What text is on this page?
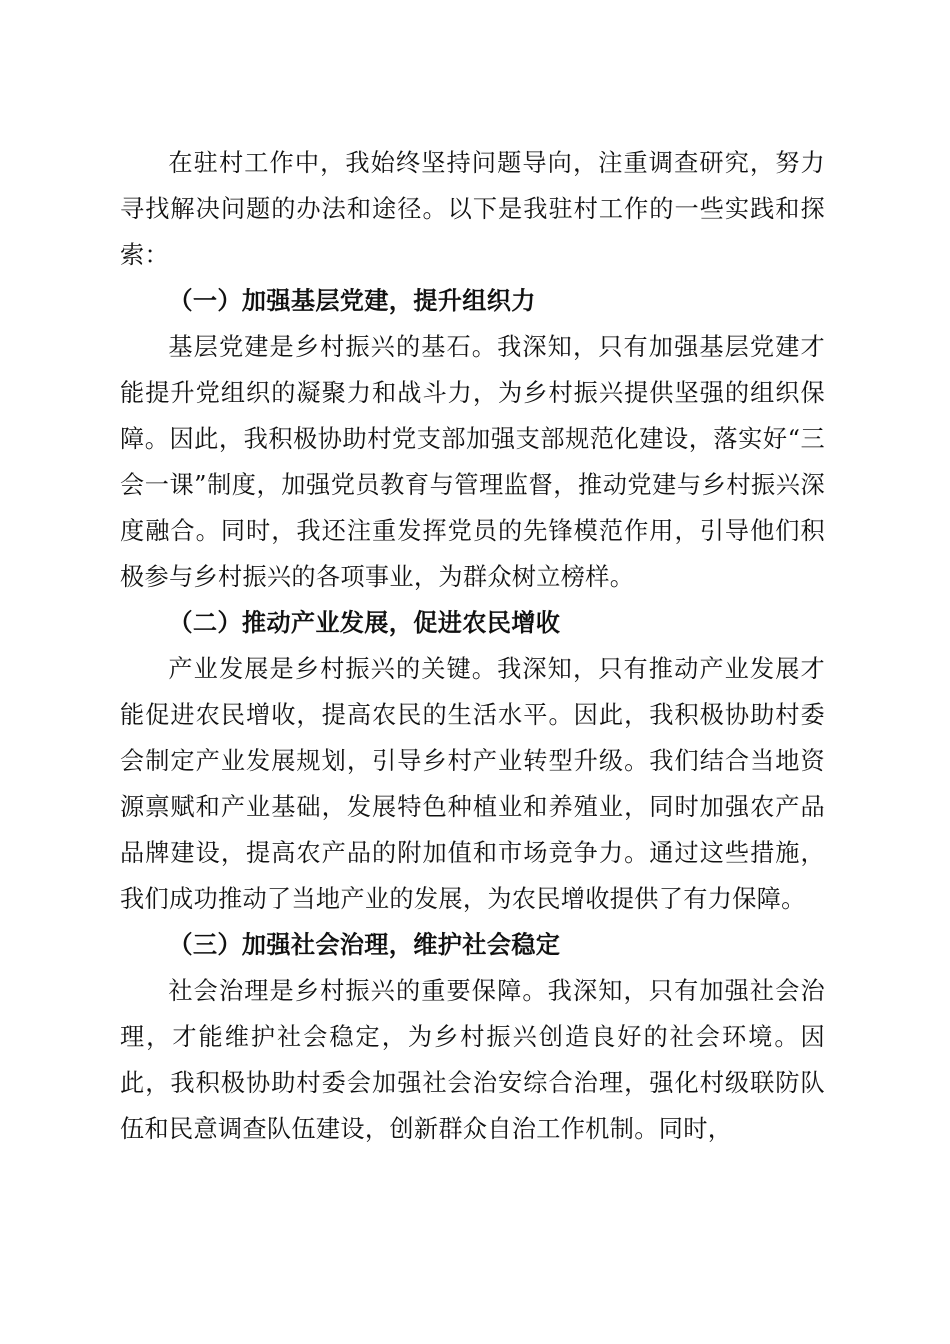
在驻村工作中，我始终坚持问题导向，注重调查研究，努力寻找解决问题的办法和途径。以下是我驻村工作的一些实践和探索：

（一）加强基层党建，提升组织力

基层党建是乡村振兴的基石。我深知，只有加强基层党建才能提升党组织的凝聚力和战斗力，为乡村振兴提供坚强的组织保障。因此，我积极协助村党支部加强支部规范化建设，落实好“三会一课”制度，加强党员教育与管理监督，推动党建与乡村振兴深度融合。同时，我还注重发挥党员的先锋模范作用，引导他们积极参与乡村振兴的各项事业，为群众树立榜样。

（二）推动产业发展，促进农民增收

产业发展是乡村振兴的关键。我深知，只有推动产业发展才能促进农民增收，提高农民的生活水平。因此，我积极协助村委会制定产业发展规划，引导乡村产业转型升级。我们结合当地资源禀赋和产业基础，发展特色种植业和养殖业，同时加强农产品品牌建设，提高农产品的附加值和市场竞争力。通过这些措施，我们成功推动了当地产业的发展，为农民增收提供了有力保障。

（三）加强社会治理，维护社会稳定

社会治理是乡村振兴的重要保障。我深知，只有加强社会治理，才能维护社会稳定，为乡村振兴创造良好的社会环境。因此，我积极协助村委会加强社会治安综合治理，强化村级联防队伍和民意调查队伍建设，创新群众自治工作机制。同时，
